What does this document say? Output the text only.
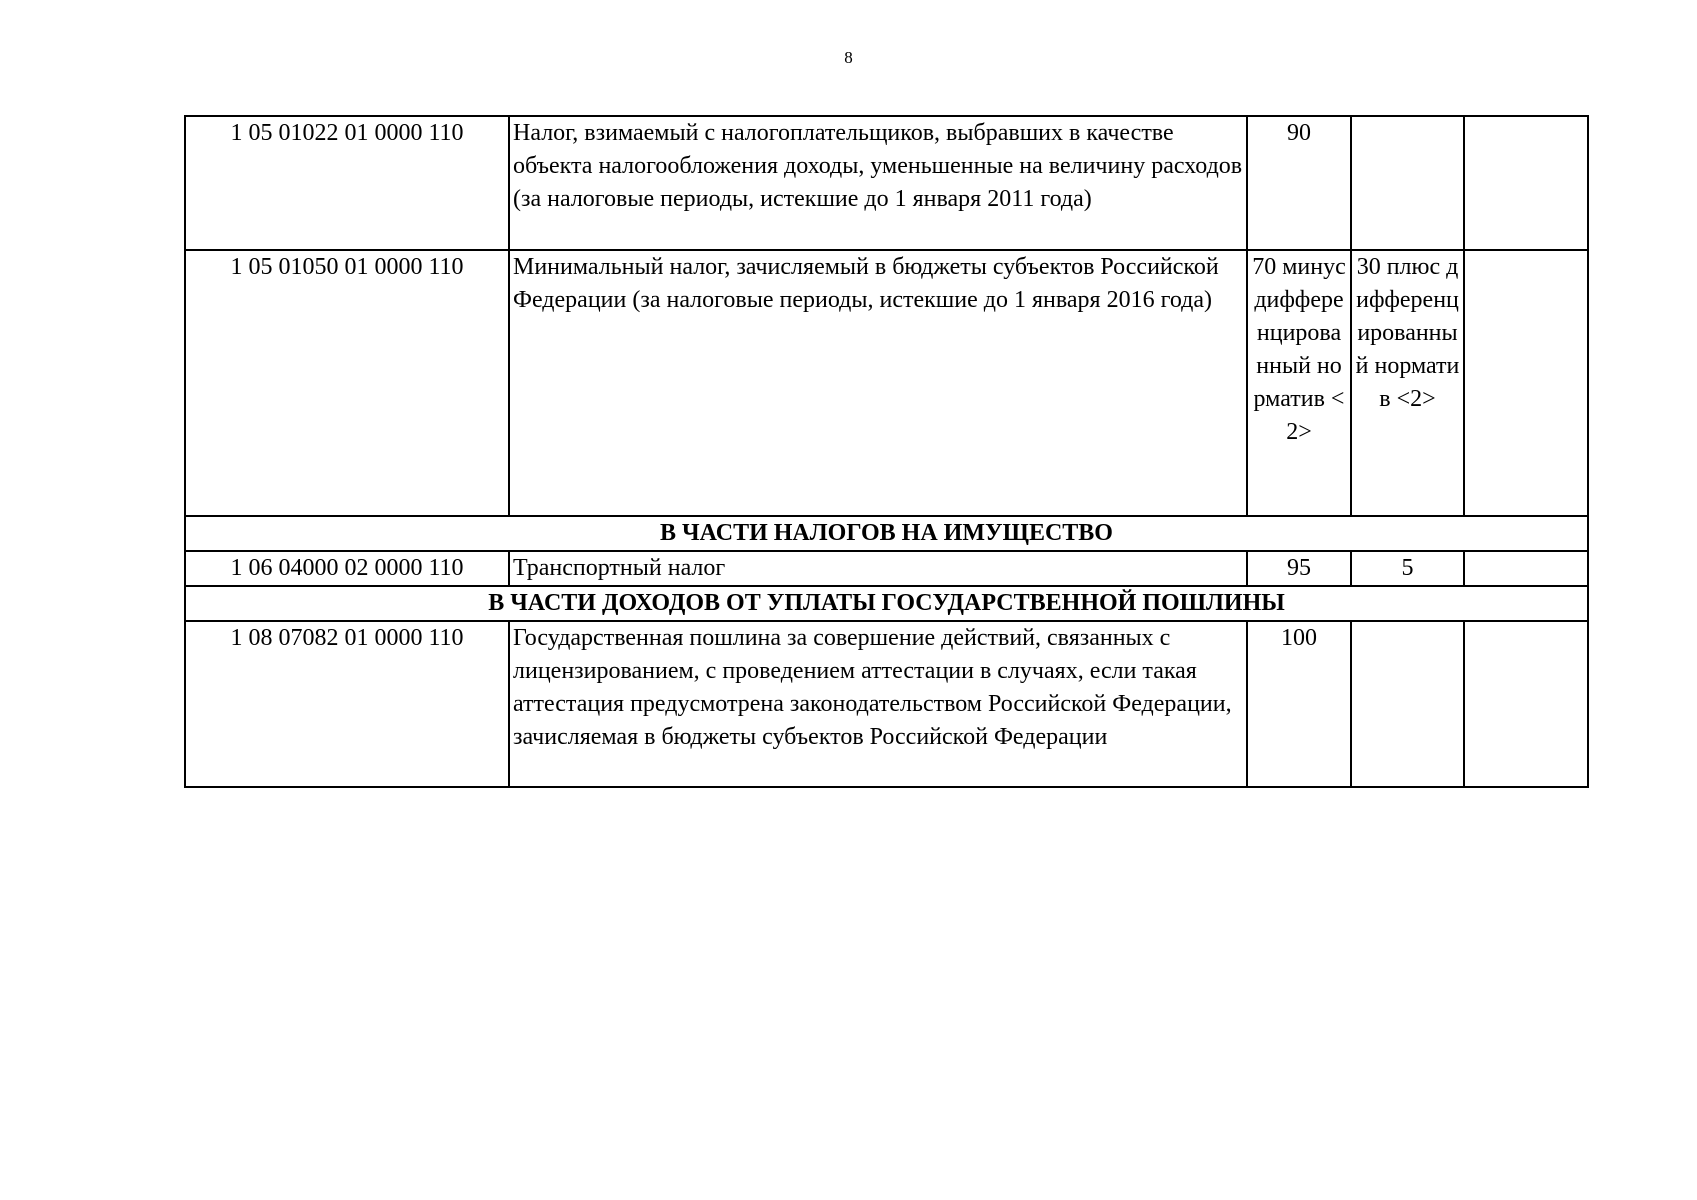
8
1 05 01022 01 0000 110	Налог, взимаемый с налогоплательщиков, выбравших в качестве объекта налогообложения доходы, уменьшенные на величину расходов (за налоговые периоды, истекшие до 1 января 2011 года)	90		
1 05 01050 01 0000 110	Минимальный налог, зачисляемый в бюджеты субъектов Российской Федерации (за налоговые периоды, истекшие до 1 января 2016 года)	70 минус дифференцированный норматив <2>	30 плюс дифференцированный норматив <2>	
В ЧАСТИ НАЛОГОВ НА ИМУЩЕСТВО				
1 06 04000 02 0000 110	Транспортный налог	95	5	
В ЧАСТИ ДОХОДОВ ОТ УПЛАТЫ ГОСУДАРСТВЕННОЙ ПОШЛИНЫ				
1 08 07082 01 0000 110	Государственная пошлина за совершение действий, связанных с лицензированием, с проведением аттестации в случаях, если такая аттестация предусмотрена законодательством Российской Федерации, зачисляемая в бюджеты субъектов Российской Федерации	100		
